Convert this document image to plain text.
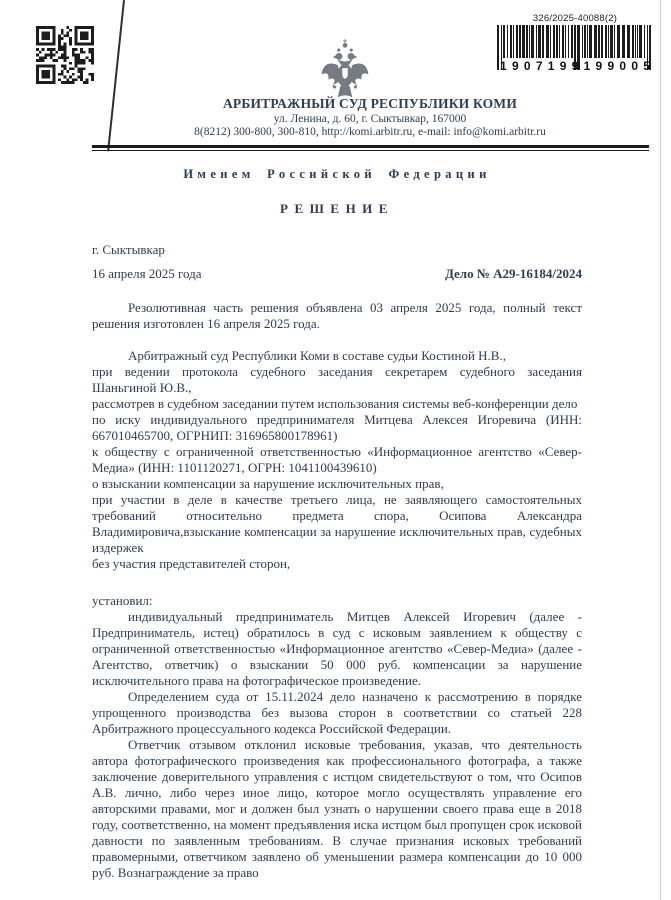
326/2025-40088(2)
1 9 0 7 1 9 9 1 9 9 0 0 5
АРБИТРАЖНЫЙ СУД РЕСПУБЛИКИ КОМИ
ул. Ленина, д. 60, г. Сыктывкар, 167000
8(8212) 300-800, 300-810, http://komi.arbitr.ru, e-mail: info@komi.arbitr.ru
Именем Российской Федерации
РЕШЕНИЕ
г. Сыктывкар
16 апреля 2025 года	Дело № А29-16184/2024

Резолютивная часть решения объявлена 03 апреля 2025 года, полный текст решения изготовлен 16 апреля 2025 года.

Арбитражный суд Республики Коми в составе судьи Костиной Н.В.,

при ведении протокола судебного заседания секретарем судебного заседания Шаньгиной Ю.В.,

рассмотрев в судебном заседании путем использования системы веб-конференции дело

по иску индивидуального предпринимателя Митцева Алексея Игоревича (ИНН: 667010465700, ОГРНИП: 316965800178961)

к обществу с ограниченной ответственностью «Информационное агентство «Север-Медиа» (ИНН: 1101120271, ОГРН: 1041100439610)

о взыскании компенсации за нарушение исключительных прав,

при участии в деле в качестве третьего лица, не заявляющего самостоятельных требований относительно предмета спора, Осипова Александра Владимировича,взыскание компенсации за нарушение исключительных прав, судебных издержек

без участия представителей сторон,

установил:

индивидуальный предприниматель Митцев Алексей Игоревич (далее - Предприниматель, истец) обратилось в суд с исковым заявлением к обществу с ограниченной ответственностью «Информационное агентство «Север-Медиа» (далее - Агентство, ответчик) о взыскании 50 000 руб. компенсации за нарушение исключительного права на фотографическое произведение.

Определением суда от 15.11.2024 дело назначено к рассмотрению в порядке упрощенного производства без вызова сторон в соответствии со статьей 228 Арбитражного процессуального кодекса Российской Федерации.

Ответчик отзывом отклонил исковые требования, указав, что деятельность автора фотографического произведения как профессионального фотографа, а также заключение доверительного управления с истцом свидетельствуют о том, что Осипов А.В. лично, либо через иное лицо, которое могло осуществлять управление его авторскими правами, мог и должен был узнать о нарушении своего права еще в 2018 году, соответственно, на момент предъявления иска истцом был пропущен срок исковой давности по заявленным требованиям. В случае признания исковых требований правомерными, ответчиком заявлено об уменьшении размера компенсации до 10 000 руб. Вознаграждение за право
